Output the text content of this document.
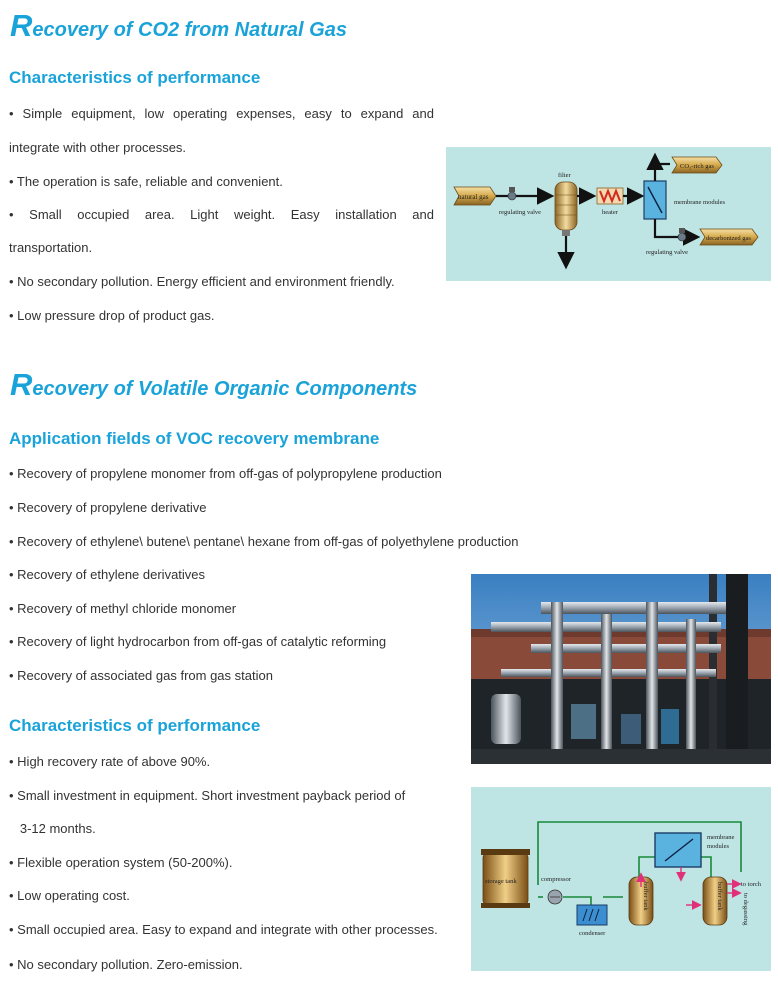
Recovery of CO2 from Natural Gas
Characteristics of performance
• Simple equipment, low operating expenses, easy to expand and
integrate with other processes.
• The operation is safe, reliable and convenient.
• Small occupied area. Light weight. Easy installation and
transportation.
• No secondary pollution. Energy efficient and environment friendly.
• Low pressure drop of product gas.
natural gas
regulating valve
filter
heater
membrane modules
CO₂-rich gas
regulating valve
decarbonized gas
Recovery of Volatile Organic Components
Application fields of VOC recovery membrane
• Recovery of propylene monomer from off-gas of polypropylene production
• Recovery of propylene derivative
• Recovery of ethylene\ butene\ pentane\ hexane from off-gas of polyethylene production
• Recovery of ethylene derivatives
• Recovery of methyl chloride monomer
• Recovery of light hydrocarbon from off-gas of catalytic reforming
• Recovery of associated gas from gas station
Characteristics of performance
• High recovery rate of above 90%.
• Small investment in equipment. Short investment payback period of
3-12 months.
• Flexible operation system (50-200%).
• Low operating cost.
• Small occupied area. Easy to expand and integrate with other processes.
• No secondary pollution. Zero-emission.
storage tank	compressor
condenser
buffer tank
membrane
modules
buffer tank	to torch
to degassing
